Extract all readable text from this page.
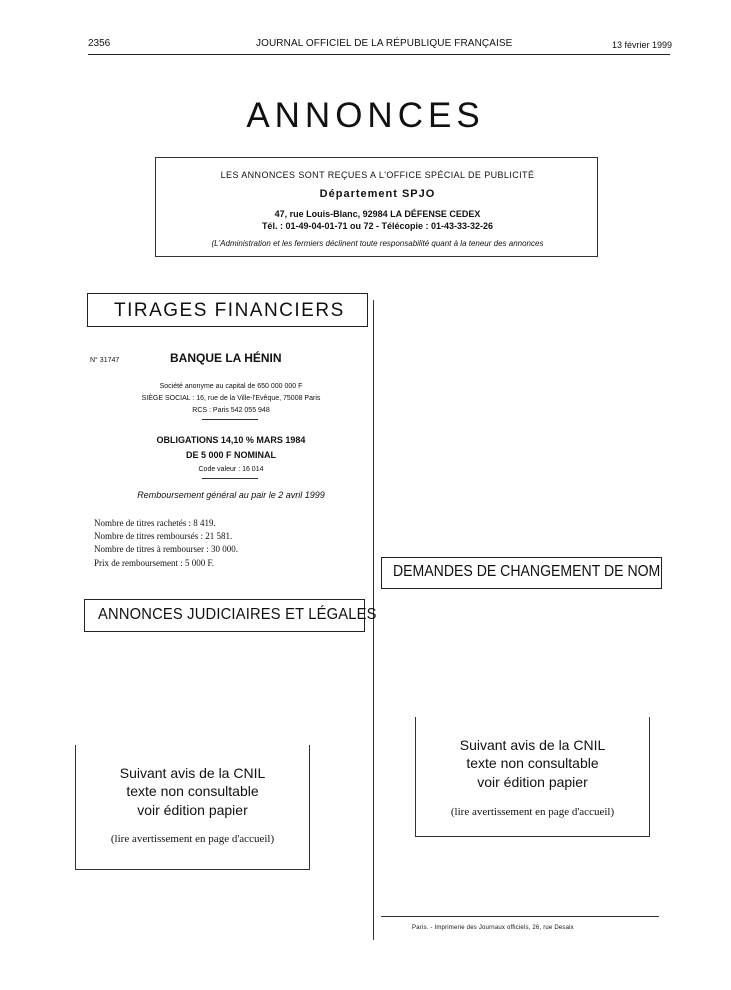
2356	JOURNAL OFFICIEL DE LA RÉPUBLIQUE FRANÇAISE	13 février 1999
ANNONCES
LES ANNONCES SONT REÇUES A L'OFFICE SPÉCIAL DE PUBLICITÉ
Département SPJO
47, rue Louis-Blanc, 92984 LA DÉFENSE CEDEX
Tél. : 01-49-04-01-71 ou 72 - Télécopie : 01-43-33-32-26
(L'Administration et les fermiers déclinent toute responsabilité quant à la teneur des annonces
TIRAGES FINANCIERS
ANNONCES JUDICIAIRES ET LÉGALES
DEMANDES DE CHANGEMENT DE NOM
N° 31747	BANQUE LA HÉNIN
Société anonyme au capital de 650 000 000 F
SIÈGE SOCIAL : 16, rue de la Ville-l'Evêque, 75008 Paris
RCS : Paris 542 055 948
OBLIGATIONS 14,10 % MARS 1984
DE 5 000 F NOMINAL
Code valeur : 16 014
Remboursement général au pair le 2 avril 1999
Nombre de titres rachetés : 8 419.
Nombre de titres remboursés : 21 581.
Nombre de titres à rembourser : 30 000.
Prix de remboursement : 5 000 F.
Suivant avis de la CNIL
texte non consultable
voir édition papier
(lire avertissement en page d'accueil)
Suivant avis de la CNIL
texte non consultable
voir édition papier
(lire avertissement en page d'accueil)
Paris. - Imprimerie des Journaux officiels, 26, rue Desaix
